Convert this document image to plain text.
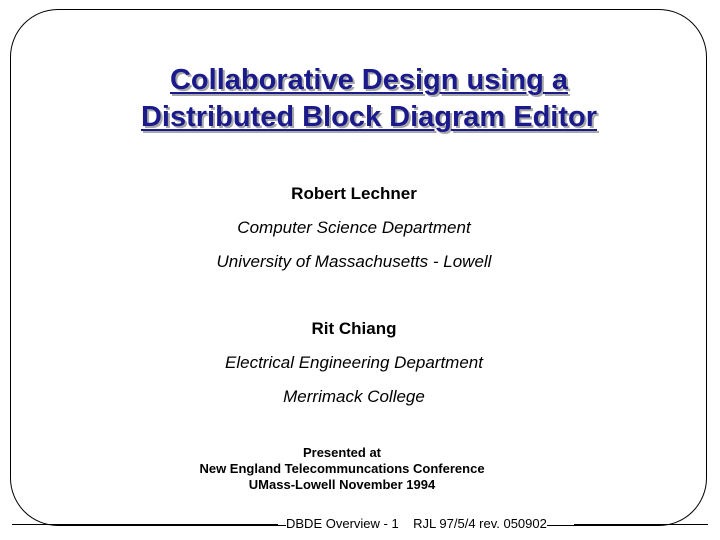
Collaborative Design using a
Distributed Block Diagram Editor
Robert Lechner
Computer Science Department
University of Massachusetts - Lowell
Rit Chiang
Electrical Engineering Department
Merrimack College
Presented at
New England Telecommuncations Conference
UMass-Lowell November 1994
DBDE Overview - 1 RJL 97/5/4 rev. 050902
